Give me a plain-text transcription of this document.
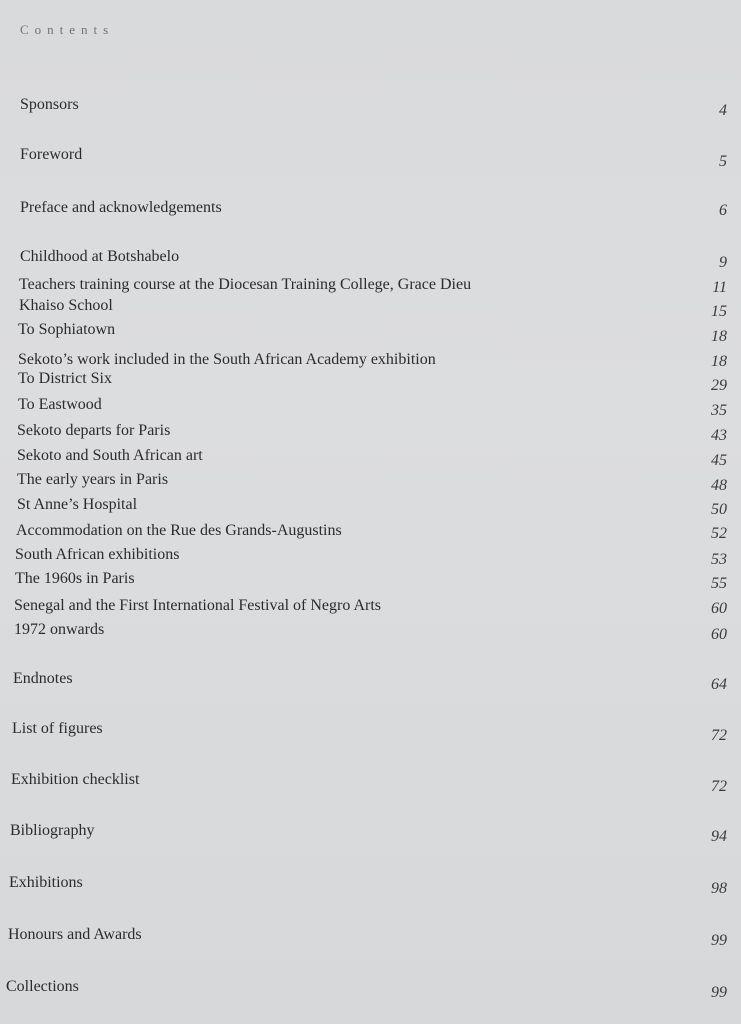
Contents
Sponsors	4
Foreword	5
Preface and acknowledgements	6
Childhood at Botshabelo	9
Teachers training course at the Diocesan Training College, Grace Dieu	11
Khaiso School	15
To Sophiatown	18
Sekoto’s work included in the South African Academy exhibition	18
To District Six	29
To Eastwood	35
Sekoto departs for Paris	43
Sekoto and South African art	45
The early years in Paris	48
St Anne’s Hospital	50
Accommodation on the Rue des Grands-Augustins	52
South African exhibitions	53
The 1960s in Paris	55
Senegal and the First International Festival of Negro Arts	60
1972 onwards	60
Endnotes	64
List of figures	72
Exhibition checklist	72
Bibliography	94
Exhibitions	98
Honours and Awards	99
Collections	99
